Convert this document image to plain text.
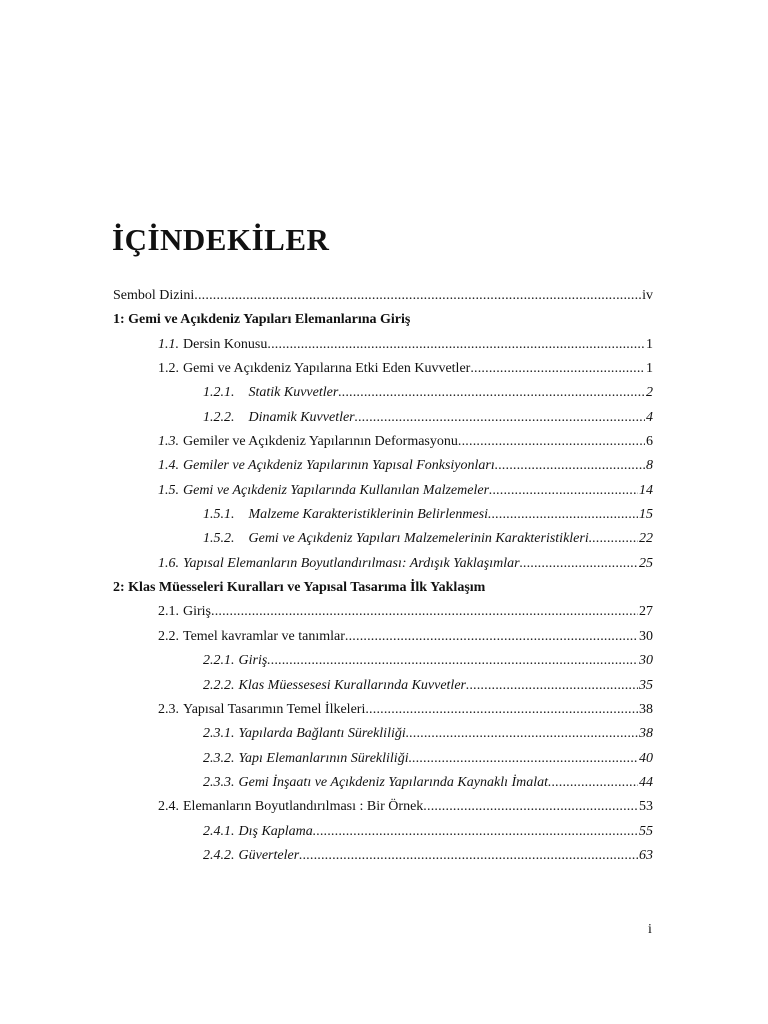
İÇİNDEKİLER
Sembol Dizini .....	iv
1: Gemi ve Açıkdeniz Yapıları Elemanlarına Giriş
1.1. Dersin Konusu .....	1
1.2. Gemi ve Açıkdeniz Yapılarına Etki Eden Kuvvetler .....	1
1.2.1. Statik Kuvvetler .....	2
1.2.2. Dinamik Kuvvetler .....	4
1.3. Gemiler ve Açıkdeniz Yapılarının Deformasyonu .....	6
1.4. Gemiler ve Açıkdeniz Yapılarının Yapısal Fonksiyonları .....	8
1.5. Gemi ve Açıkdeniz Yapılarında Kullanılan Malzemeler .....	14
1.5.1. Malzeme Karakteristiklerinin Belirlenmesi .....	15
1.5.2. Gemi ve Açıkdeniz Yapıları Malzemelerinin Karakteristikleri .....	22
1.6. Yapısal Elemanların Boyutlandırılması: Ardışık Yaklaşımlar .....	25
2: Klas Müesseleri Kuralları ve Yapısal Tasarıma İlk Yaklaşım
2.1. Giriş .....	27
2.2. Temel kavramlar ve tanımlar .....	30
2.2.1. Giriş .....	30
2.2.2. Klas Müessesesi Kurallarında Kuvvetler .....	35
2.3. Yapısal Tasarımın Temel İlkeleri .....	38
2.3.1. Yapılarda Bağlantı Sürekliliği .....	38
2.3.2. Yapı Elemanlarının Sürekliliği .....	40
2.3.3. Gemi İnşaatı ve Açıkdeniz Yapılarında Kaynaklı İmalat .....	44
2.4. Elemanların Boyutlandırılması : Bir Örnek .....	53
2.4.1. Dış Kaplama .....	55
2.4.2. Güverteler .....	63
i
